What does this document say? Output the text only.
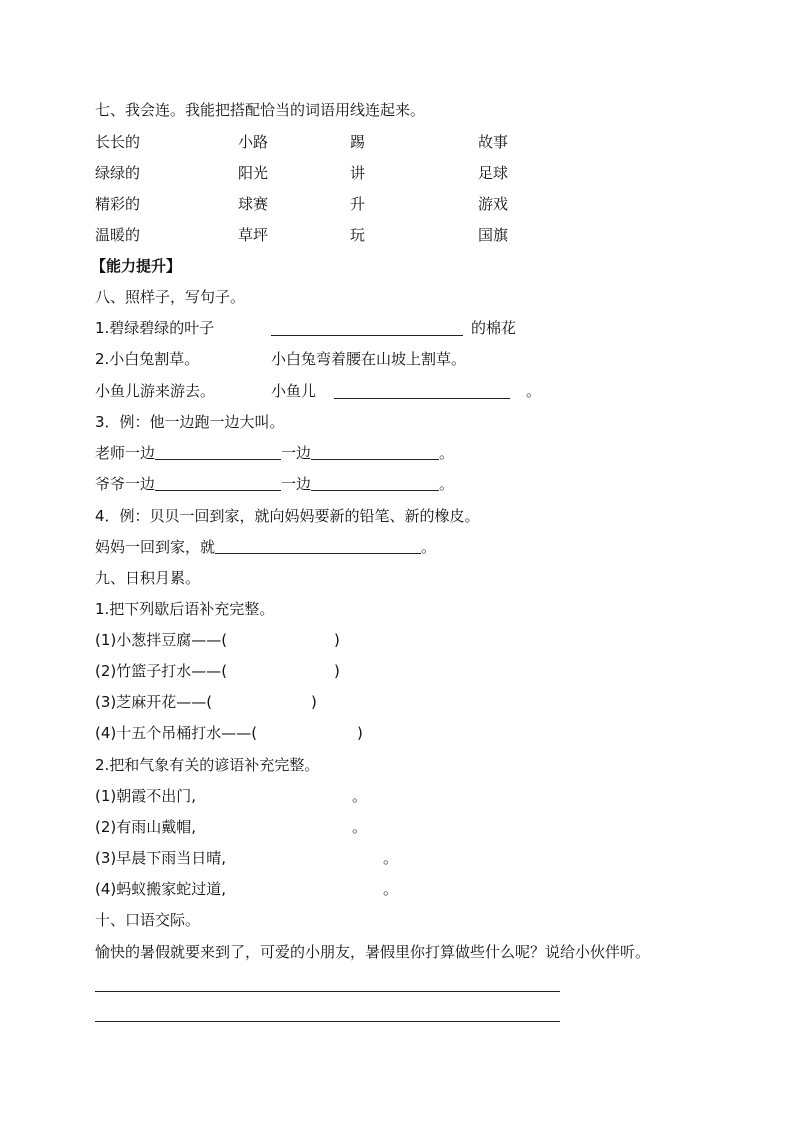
七、我会连。我能把搭配恰当的词语用线连起来。
长长的	小路	踢	故事
绿绿的	阳光	讲	足球
精彩的	球赛	升	游戏
温暖的	草坪	玩	国旗
【能力提升】
八、照样子，写句子。
1.碧绿碧绿的叶子	的棉花
2.小白兔割草。	小白兔弯着腰在山坡上割草。
小鱼儿游来游去。	小鱼儿	。
3．例：他一边跑一边大叫。
老师一边	一边	。
爷爷一边	一边	。
4．例：贝贝一回到家，就向妈妈要新的铅笔、新的橡皮。
妈妈一回到家，就	。
九、日积月累。
1.把下列歇后语补充完整。
(1)小葱拌豆腐——(	)
(2)竹篮子打水——(	)
(3)芝麻开花——(	)
(4)十五个吊桶打水——(	)
2.把和气象有关的谚语补充完整。
(1)朝霞不出门,	。
(2)有雨山戴帽,	。
(3)早晨下雨当日晴,	。
(4)蚂蚁搬家蛇过道,	。
十、口语交际。
愉快的暑假就要来到了，可爱的小朋友，暑假里你打算做些什么呢？说给小伙伴听。
